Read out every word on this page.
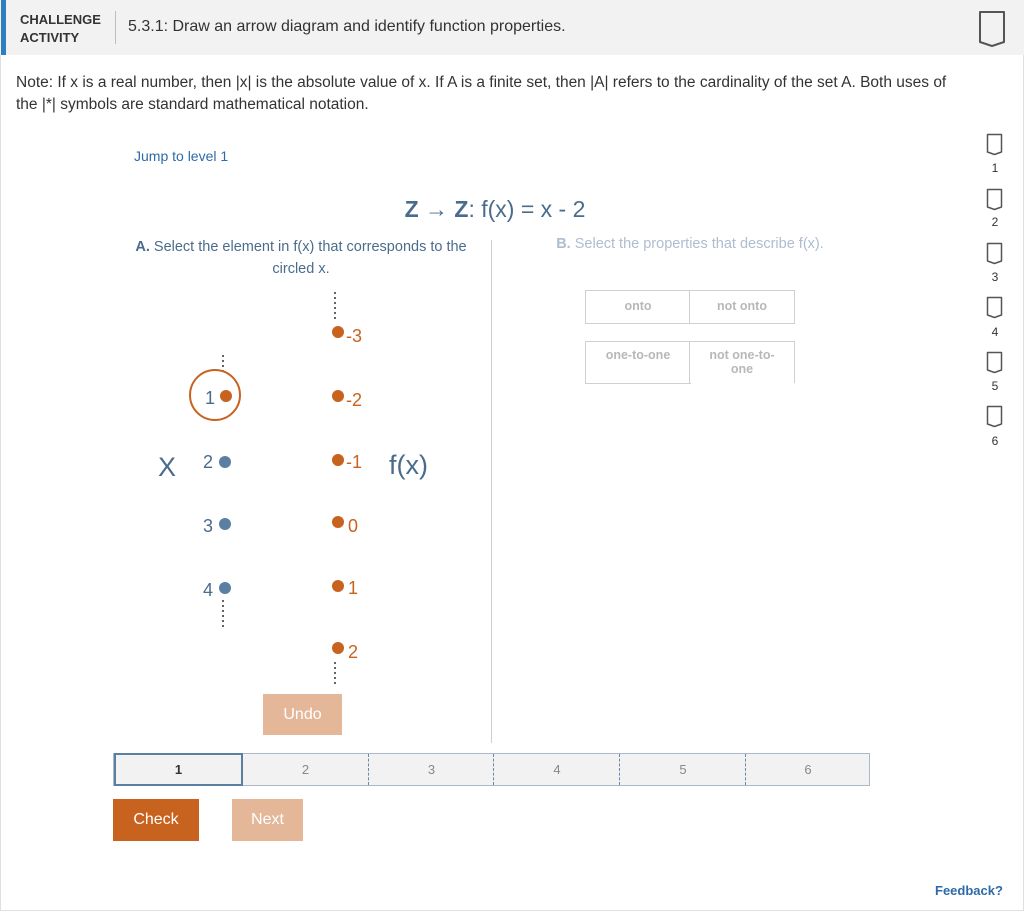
CHALLENGE
ACTIVITY
5.3.1: Draw an arrow diagram and identify function properties.
Note: If x is a real number, then |x| is the absolute value of x. If A is a finite set, then |A| refers to the cardinality of the set A. Both uses of the |*| symbols are standard mathematical notation.
Jump to level 1
Z → Z: f(x) = x - 2
A. Select the element in f(x) that corresponds to the circled x.
B. Select the properties that describe f(x).
onto	not onto
one-to-one	not one-to-
one
X	f(x)
1
2
3
4
-3
-2
-1
0
1
2
Undo
1	2	3	4	5	6
Check	Next
Feedback?
1
2
3
4
5
6
